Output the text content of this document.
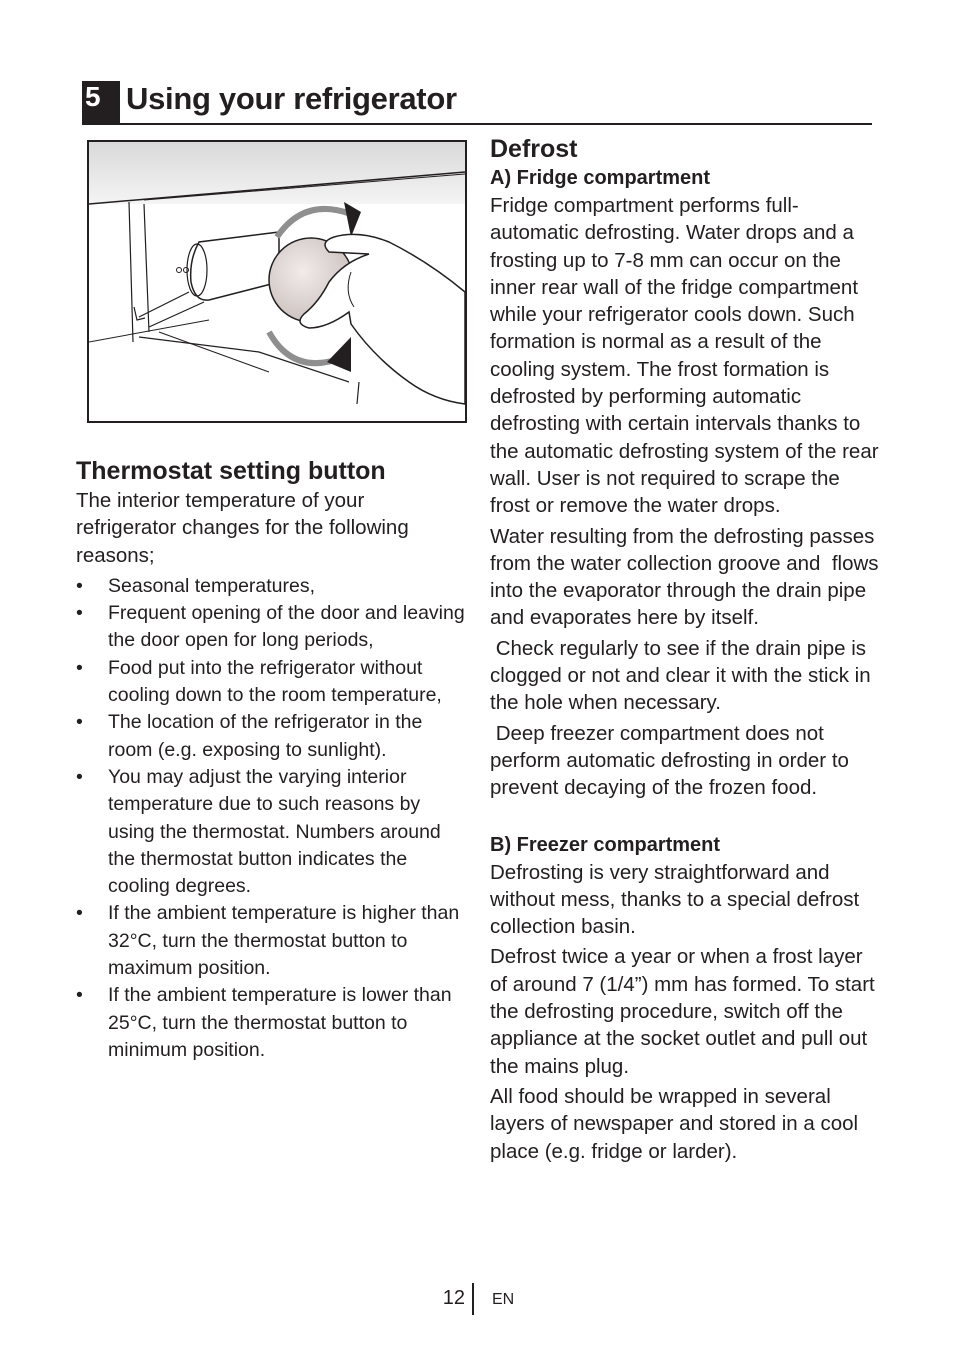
5 Using your refrigerator
Thermostat setting button

The interior temperature of your refrigerator changes for the following reasons;

•	Seasonal temperatures,
•	Frequent opening of the door and leaving the door open for long periods,
•	Food put into the refrigerator without cooling down to the room temperature,
•	The location of the refrigerator in the room (e.g. exposing to sunlight).
•	You may adjust the varying interior temperature due to such reasons by using the thermostat. Numbers around the thermostat button indicates the cooling degrees.
•	If the ambient temperature is higher than 32°C, turn the thermostat button to maximum position.
•	If the ambient temperature is lower than 25°C, turn the thermostat button to minimum position.
Defrost
A) Fridge compartment

Fridge compartment performs full-automatic defrosting. Water drops and a frosting up to 7-8 mm can occur on the inner rear wall of the fridge compartment while your refrigerator cools down. Such formation is normal as a result of the cooling system. The frost formation is defrosted by performing automatic defrosting with certain intervals thanks to the automatic defrosting system of the rear wall. User is not required to scrape the frost or remove the water drops.

Water resulting from the defrosting passes from the water collection groove and  flows into the evaporator through the drain pipe and evaporates here by itself.

Check regularly to see if the drain pipe is clogged or not and clear it with the stick in the hole when necessary.

Deep freezer compartment does not perform automatic defrosting in order to prevent decaying of the frozen food.

B) Freezer compartment

Defrosting is very straightforward and without mess, thanks to a special defrost collection basin.

Defrost twice a year or when a frost layer of around 7 (1/4”) mm has formed. To start the defrosting procedure, switch off the appliance at the socket outlet and pull out the mains plug.

All food should be wrapped in several layers of newspaper and stored in a cool place (e.g. fridge or larder).

12 EN
